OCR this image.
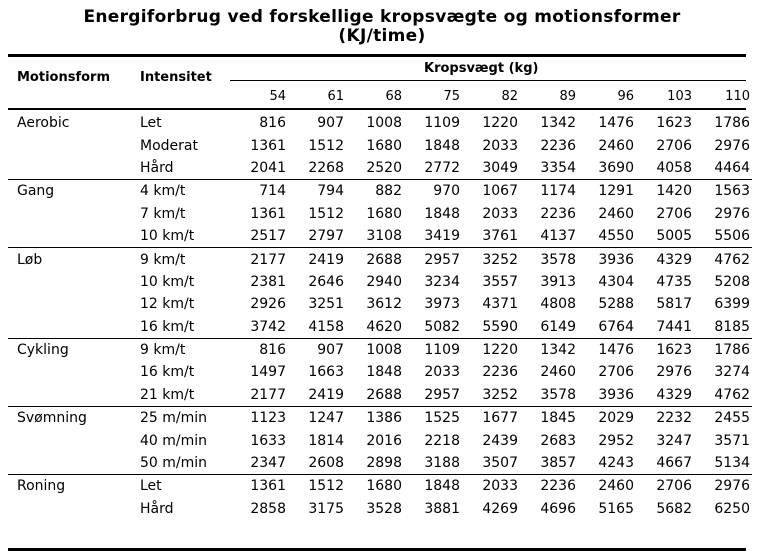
Energiforbrug ved forskellige kropsvægte og motionsformer
(KJ/time)
Motionsform Intensitet
Kropsvægt (kg)
54	61	68	75	82	89	96	103	110
Aerobic	Let	816	907	1008	1109	1220	1342	1476	1623	1786
	Moderat	1361	1512	1680	1848	2033	2236	2460	2706	2976
	Hård	2041	2268	2520	2772	3049	3354	3690	4058	4464
Gang	4 km/t	714	794	882	970	1067	1174	1291	1420	1563
	7 km/t	1361	1512	1680	1848	2033	2236	2460	2706	2976
	10 km/t	2517	2797	3108	3419	3761	4137	4550	5005	5506
Løb	9 km/t	2177	2419	2688	2957	3252	3578	3936	4329	4762
	10 km/t	2381	2646	2940	3234	3557	3913	4304	4735	5208
	12 km/t	2926	3251	3612	3973	4371	4808	5288	5817	6399
	16 km/t	3742	4158	4620	5082	5590	6149	6764	7441	8185
Cykling	9 km/t	816	907	1008	1109	1220	1342	1476	1623	1786
	16 km/t	1497	1663	1848	2033	2236	2460	2706	2976	3274
	21 km/t	2177	2419	2688	2957	3252	3578	3936	4329	4762
Svømning	25 m/min	1123	1247	1386	1525	1677	1845	2029	2232	2455
	40 m/min	1633	1814	2016	2218	2439	2683	2952	3247	3571
	50 m/min	2347	2608	2898	3188	3507	3857	4243	4667	5134
Roning	Let	1361	1512	1680	1848	2033	2236	2460	2706	2976
	Hård	2858	3175	3528	3881	4269	4696	5165	5682	6250
